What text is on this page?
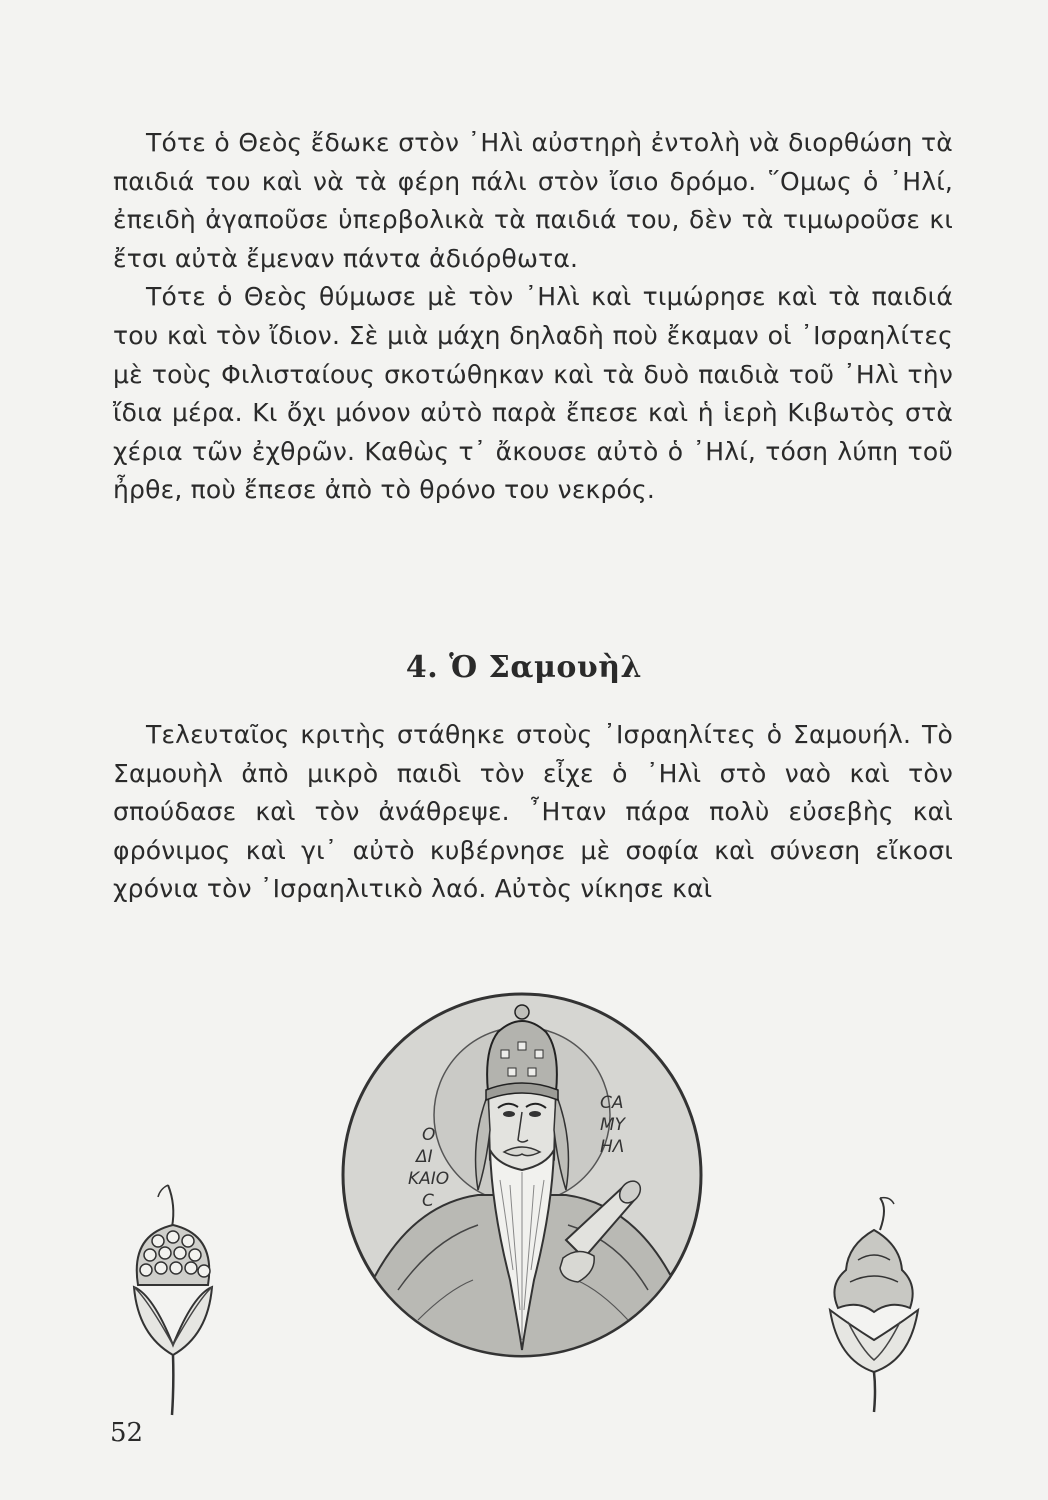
Τότε ὁ Θεὸς ἔδωκε στὸν ᾿Ηλὶ αὐστηρὴ ἐντολὴ νὰ διορθώση τὰ παιδιά του καὶ νὰ τὰ φέρη πάλι στὸν ἴσιο δρόμο. ῞Ομως ὁ ᾿Ηλί, ἐπειδὴ ἀγαποῦσε ὑπερβολικὰ τὰ παιδιά του, δὲν τὰ τιμωροῦσε κι ἔτσι αὐτὰ ἔμεναν πάντα ἀδιόρθωτα.

Τότε ὁ Θεὸς θύμωσε μὲ τὸν ᾿Ηλὶ καὶ τιμώρησε καὶ τὰ παιδιά του καὶ τὸν ἴδιον. Σὲ μιὰ μάχη δηλαδὴ ποὺ ἔκαμαν οἱ ᾿Ισραηλίτες μὲ τοὺς Φιλισταίους σκοτώθηκαν καὶ τὰ δυὸ παιδιὰ τοῦ ᾿Ηλὶ τὴν ἴδια μέρα. Κι ὄχι μόνον αὐτὸ παρὰ ἔπεσε καὶ ἡ ἱερὴ Κιβωτὸς στὰ χέρια τῶν ἐχθρῶν. Καθὼς τ᾿ ἄκουσε αὐτὸ ὁ ᾿Ηλί, τόση λύπη τοῦ ἦρθε, ποὺ ἔπεσε ἀπὸ τὸ θρόνο του νεκρός.

4. Ὁ Σαμουὴλ

Τελευταῖος κριτὴς στάθηκε στοὺς ᾿Ισραηλίτες ὁ Σαμουήλ. Τὸ Σαμουὴλ ἀπὸ μικρὸ παιδὶ τὸν εἶχε ὁ ᾿Ηλὶ στὸ ναὸ καὶ τὸν σπούδασε καὶ τὸν ἀνάθρεψε. ῏Ηταν πάρα πολὺ εὐσεβὴς καὶ φρόνιμος καὶ γι᾿ αὐτὸ κυβέρνησε μὲ σοφία καὶ σύνεση εἴκοσι χρόνια τὸν ᾿Ισραηλιτικὸ λαό. Αὐτὸς νίκησε καὶ

Ο
ΔΙ
ΚΑΙΟ
C
CA
ΜΥ
ΗΛ
52
